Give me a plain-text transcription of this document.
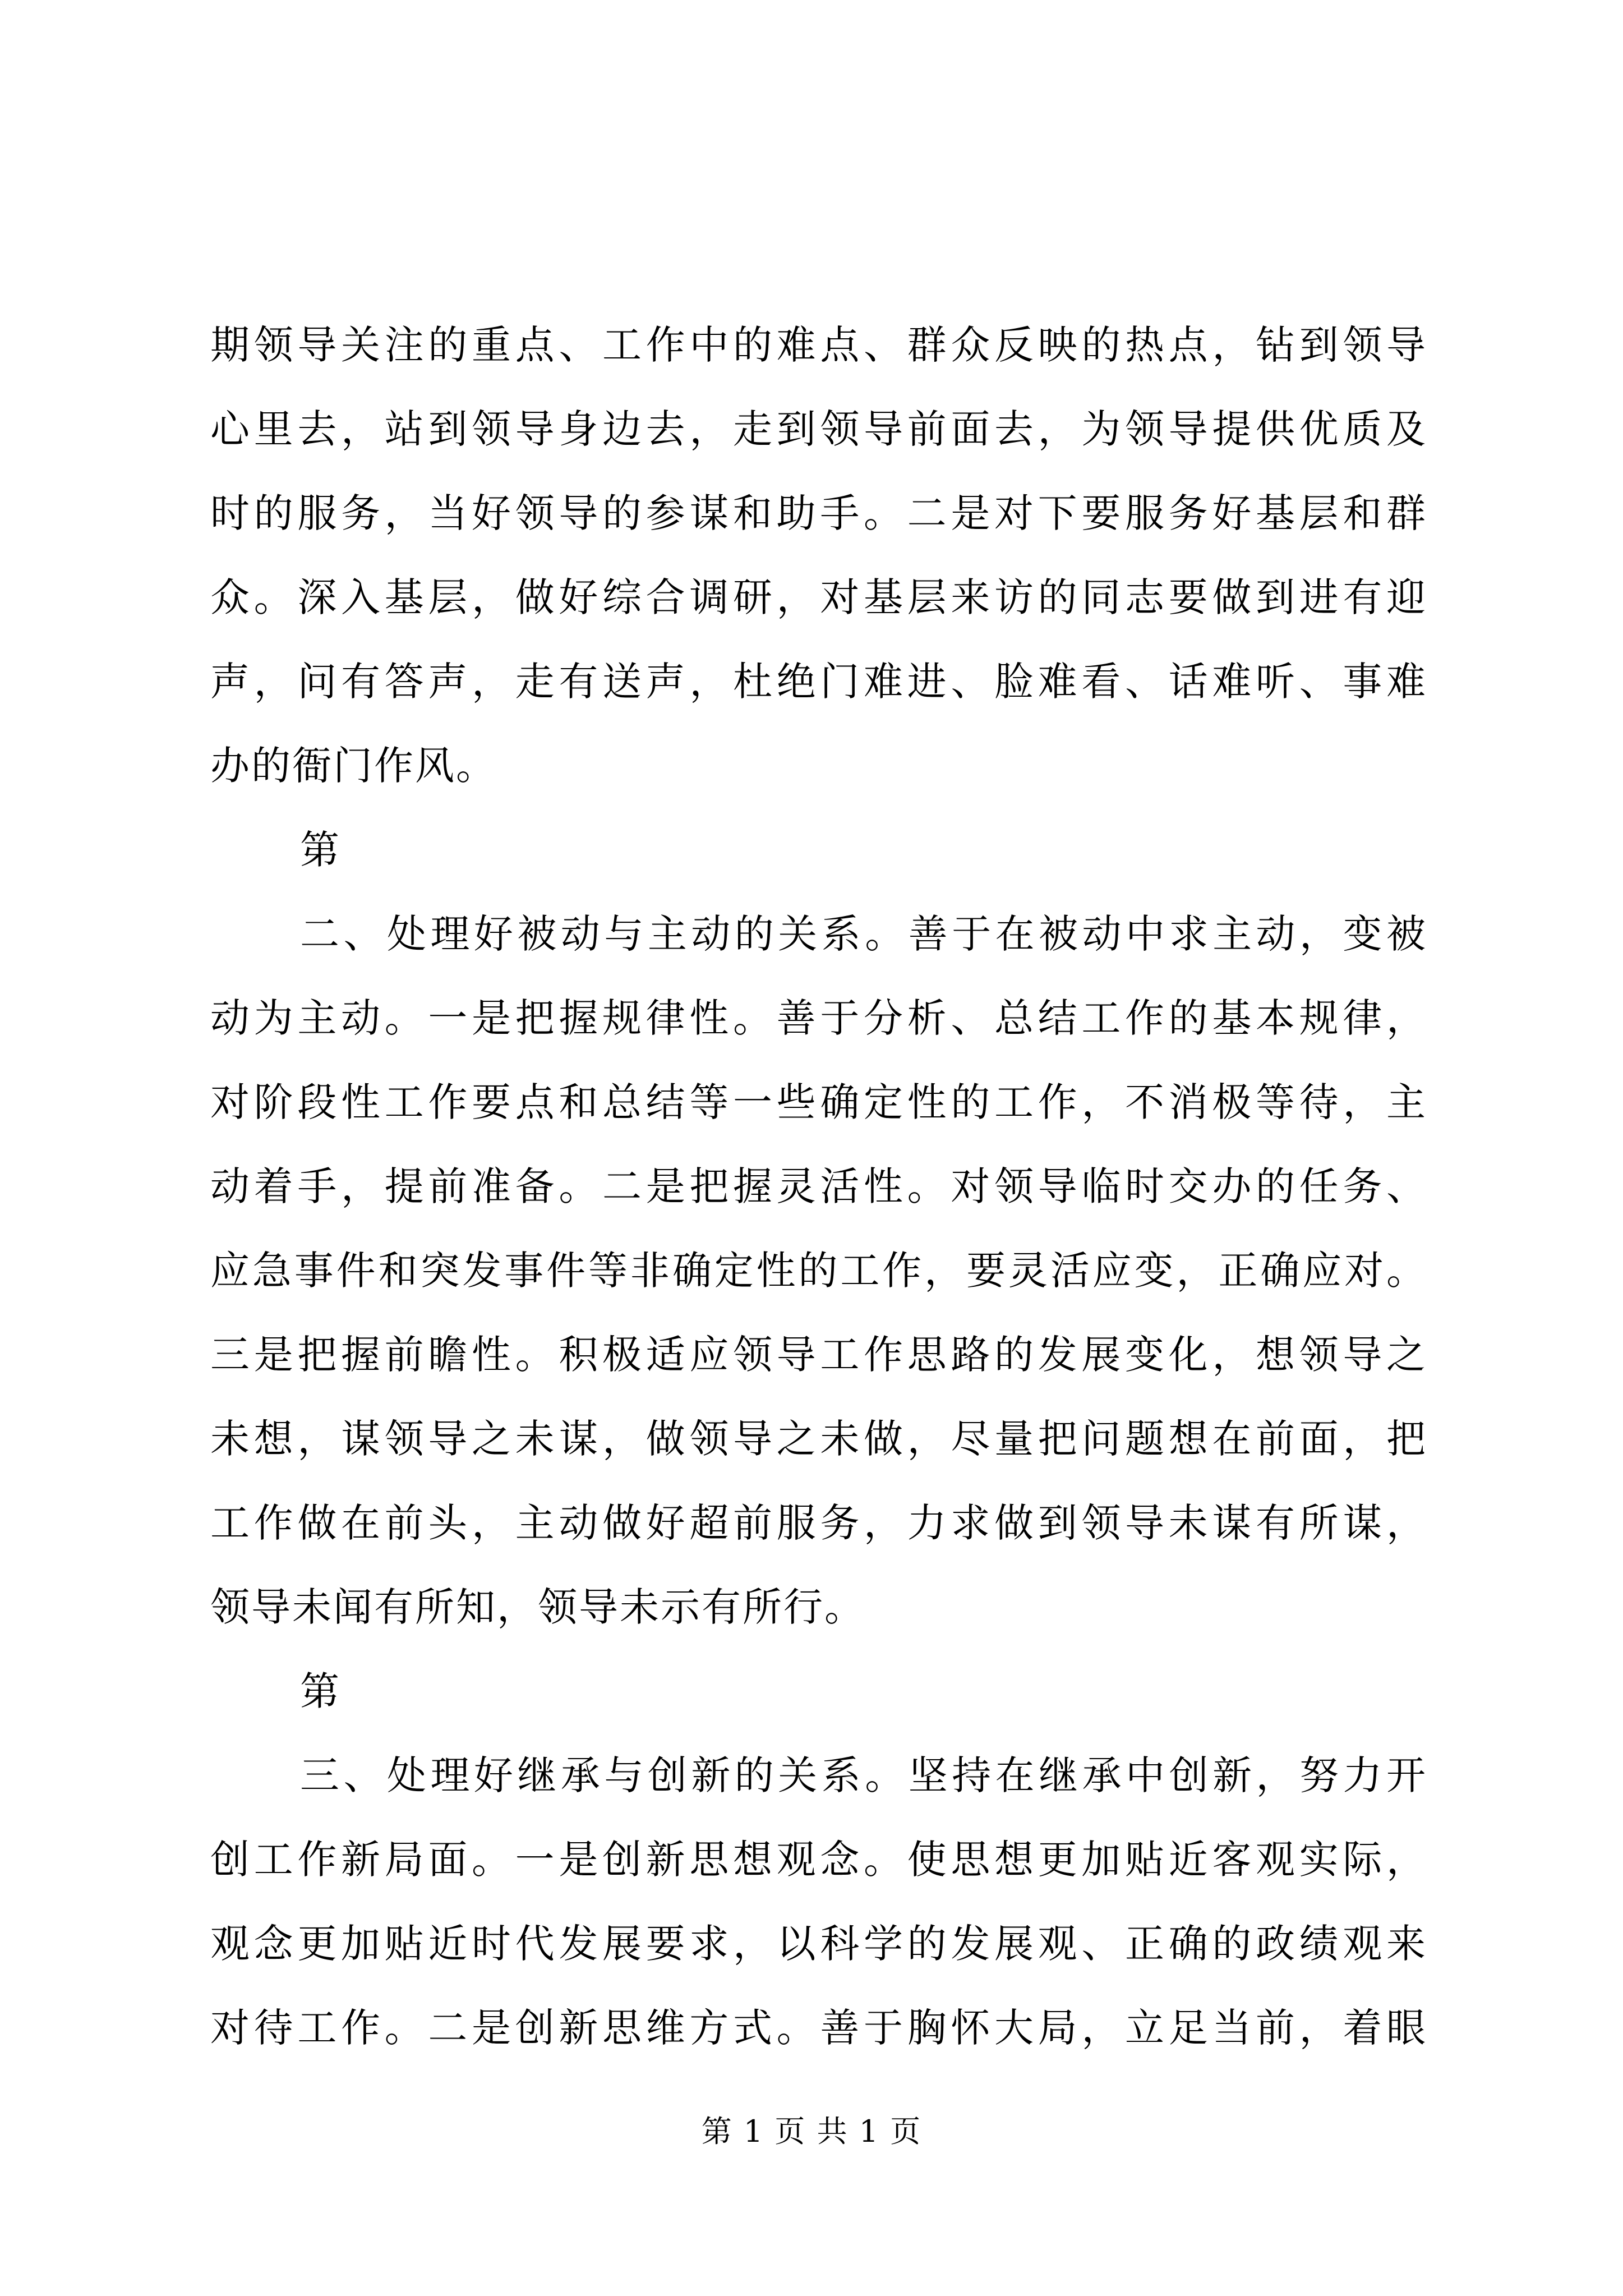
期领导关注的重点、工作中的难点、群众反映的热点，钻到领导
心里去，站到领导身边去，走到领导前面去，为领导提供优质及
时的服务，当好领导的参谋和助手。二是对下要服务好基层和群
众。深入基层，做好综合调研，对基层来访的同志要做到进有迎
声，问有答声，走有送声，杜绝门难进、脸难看、话难听、事难
办的衙门作风。
第
二、处理好被动与主动的关系。善于在被动中求主动，变被
动为主动。一是把握规律性。善于分析、总结工作的基本规律，
对阶段性工作要点和总结等一些确定性的工作，不消极等待，主
动着手，提前准备。二是把握灵活性。对领导临时交办的任务、
应急事件和突发事件等非确定性的工作，要灵活应变，正确应对。
三是把握前瞻性。积极适应领导工作思路的发展变化，想领导之
未想，谋领导之未谋，做领导之未做，尽量把问题想在前面，把
工作做在前头，主动做好超前服务，力求做到领导未谋有所谋，
领导未闻有所知，领导未示有所行。
第
三、处理好继承与创新的关系。坚持在继承中创新，努力开
创工作新局面。一是创新思想观念。使思想更加贴近客观实际，
观念更加贴近时代发展要求，以科学的发展观、正确的政绩观来
对待工作。二是创新思维方式。善于胸怀大局，立足当前，着眼
第 1 页 共 1 页
